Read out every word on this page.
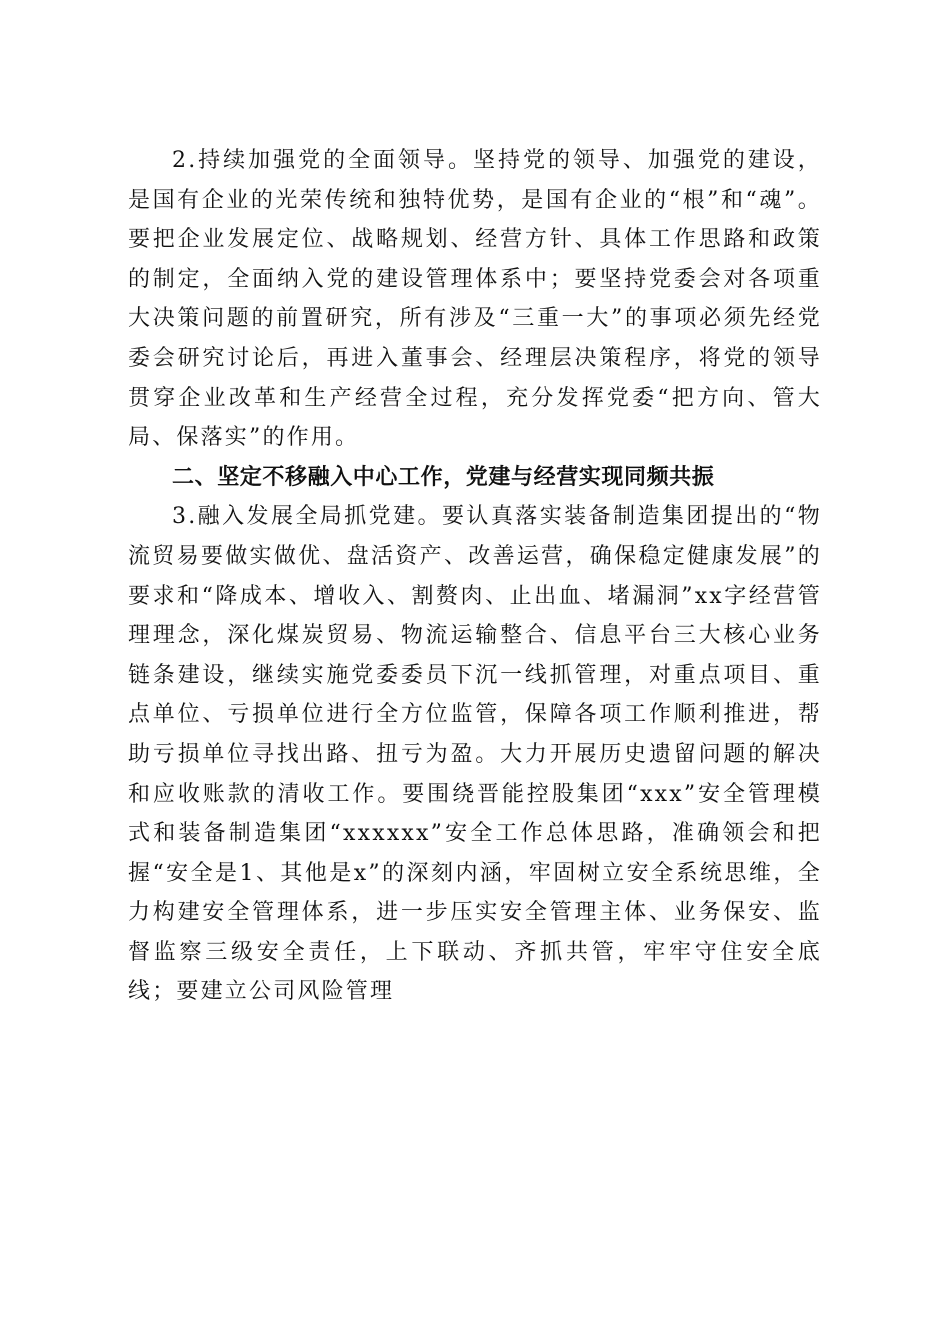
2.持续加强党的全面领导。坚持党的领导、加强党的建设，是国有企业的光荣传统和独特优势，是国有企业的“根”和“魂”。要把企业发展定位、战略规划、经营方针、具体工作思路和政策的制定，全面纳入党的建设管理体系中；要坚持党委会对各项重大决策问题的前置研究，所有涉及“三重一大”的事项必须先经党委会研究讨论后，再进入董事会、经理层决策程序，将党的领导贯穿企业改革和生产经营全过程，充分发挥党委“把方向、管大局、保落实”的作用。

二、坚定不移融入中心工作，党建与经营实现同频共振

3.融入发展全局抓党建。要认真落实装备制造集团提出的“物流贸易要做实做优、盘活资产、改善运营，确保稳定健康发展”的要求和“降成本、增收入、割赘肉、止出血、堵漏洞”xx字经营管理理念，深化煤炭贸易、物流运输整合、信息平台三大核心业务链条建设，继续实施党委委员下沉一线抓管理，对重点项目、重点单位、亏损单位进行全方位监管，保障各项工作顺利推进，帮助亏损单位寻找出路、扭亏为盈。大力开展历史遗留问题的解决和应收账款的清收工作。要围绕晋能控股集团“xxx”安全管理模式和装备制造集团“xxxxxx”安全工作总体思路，准确领会和把握“安全是1、其他是x”的深刻内涵，牢固树立安全系统思维，全力构建安全管理体系，进一步压实安全管理主体、业务保安、监督监察三级安全责任，上下联动、齐抓共管，牢牢守住安全底线；要建立公司风险管理
